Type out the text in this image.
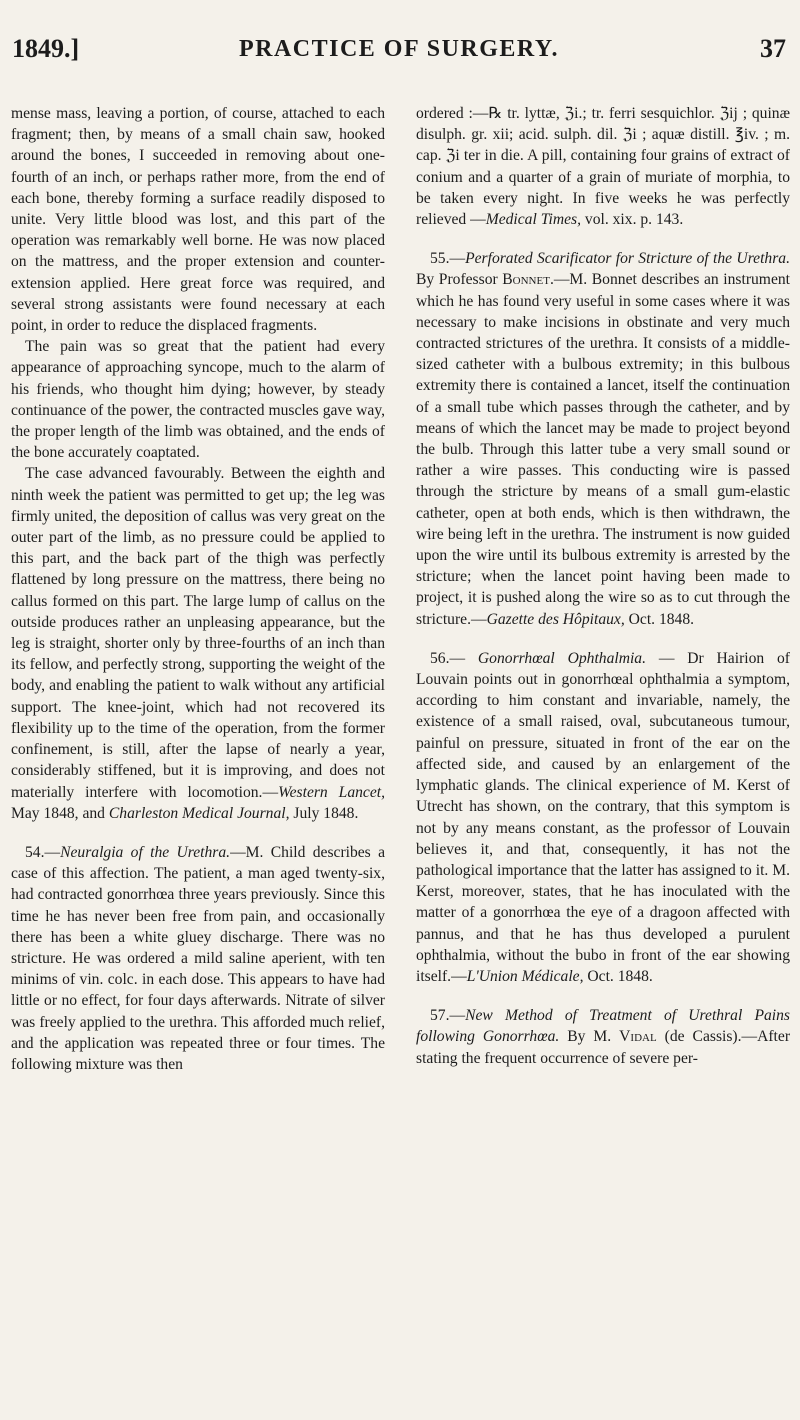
1849.]	PRACTICE OF SURGERY.	37

mense mass, leaving a portion, of course, attached to each fragment; then, by means of a small chain saw, hooked around the bones, I succeeded in removing about one-fourth of an inch, or perhaps rather more, from the end of each bone, thereby forming a surface readily disposed to unite. Very little blood was lost, and this part of the operation was remarkably well borne. He was now placed on the mattress, and the proper extension and counter-extension applied. Here great force was required, and several strong assistants were found necessary at each point, in order to reduce the displaced fragments.

The pain was so great that the patient had every appearance of approaching syncope, much to the alarm of his friends, who thought him dying; however, by steady continuance of the power, the contracted muscles gave way, the proper length of the limb was obtained, and the ends of the bone accurately coaptated.

The case advanced favourably. Between the eighth and ninth week the patient was permitted to get up; the leg was firmly united, the deposition of callus was very great on the outer part of the limb, as no pressure could be applied to this part, and the back part of the thigh was perfectly flattened by long pressure on the mattress, there being no callus formed on this part. The large lump of callus on the outside produces rather an unpleasing appearance, but the leg is straight, shorter only by three-fourths of an inch than its fellow, and perfectly strong, supporting the weight of the body, and enabling the patient to walk without any artificial support. The knee-joint, which had not recovered its flexibility up to the time of the operation, from the former confinement, is still, after the lapse of nearly a year, considerably stiffened, but it is improving, and does not materially interfere with locomotion.—Western Lancet, May 1848, and Charleston Medical Journal, July 1848.

54.—Neuralgia of the Urethra.—M. Child describes a case of this affection. The patient, a man aged twenty-six, had contracted gonorrhœa three years previously. Since this time he has never been free from pain, and occasionally there has been a white gluey discharge. There was no stricture. He was ordered a mild saline aperient, with ten minims of vin. colc. in each dose. This appears to have had little or no effect, for four days afterwards. Nitrate of silver was freely applied to the urethra. This afforded much relief, and the application was repeated three or four times. The following mixture was then

ordered :—℞ tr. lyttæ, ℨi.; tr. ferri sesquichlor. ℨij ; quinæ disulph. gr. xii; acid. sulph. dil. ℨi ; aquæ distill. ℥iv. ; m. cap. ℨi ter in die. A pill, containing four grains of extract of conium and a quarter of a grain of muriate of morphia, to be taken every night. In five weeks he was perfectly relieved —Medical Times, vol. xix. p. 143.

55.—Perforated Scarificator for Stricture of the Urethra. By Professor Bonnet.—M. Bonnet describes an instrument which he has found very useful in some cases where it was necessary to make incisions in obstinate and very much contracted strictures of the urethra. It consists of a middle-sized catheter with a bulbous extremity; in this bulbous extremity there is contained a lancet, itself the continuation of a small tube which passes through the catheter, and by means of which the lancet may be made to project beyond the bulb. Through this latter tube a very small sound or rather a wire passes. This conducting wire is passed through the stricture by means of a small gum-elastic catheter, open at both ends, which is then withdrawn, the wire being left in the urethra. The instrument is now guided upon the wire until its bulbous extremity is arrested by the stricture; when the lancet point having been made to project, it is pushed along the wire so as to cut through the stricture.—Gazette des Hôpitaux, Oct. 1848.

56.— Gonorrhœal Ophthalmia. — Dr Hairion of Louvain points out in gonorrhœal ophthalmia a symptom, according to him constant and invariable, namely, the existence of a small raised, oval, subcutaneous tumour, painful on pressure, situated in front of the ear on the affected side, and caused by an enlargement of the lymphatic glands. The clinical experience of M. Kerst of Utrecht has shown, on the contrary, that this symptom is not by any means constant, as the professor of Louvain believes it, and that, consequently, it has not the pathological importance that the latter has assigned to it. M. Kerst, moreover, states, that he has inoculated with the matter of a gonorrhœa the eye of a dragoon affected with pannus, and that he has thus developed a purulent ophthalmia, without the bubo in front of the ear showing itself.—L'Union Médicale, Oct. 1848.

57.—New Method of Treatment of Urethral Pains following Gonorrhœa. By M. Vidal (de Cassis).—After stating the frequent occurrence of severe per-
